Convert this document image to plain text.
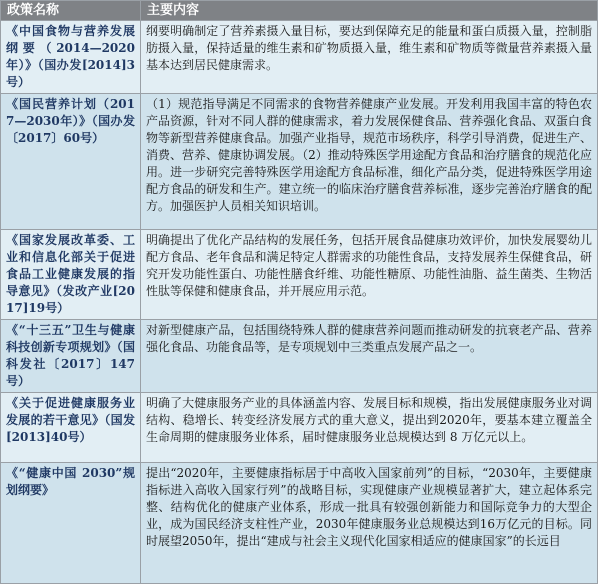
政策名称	主要内容

《中国食物与营养发展纲要（2014—2020年）》（国办发[2014]3号）	纲要明确制定了营养素摄入量目标，要达到保障充足的能量和蛋白质摄入量，控制脂肪摄入量，保持适量的维生素和矿物质摄入量，维生素和矿物质等微量营养素摄入量基本达到居民健康需求。

《国民营养计划（2017—2030年）》（国办发〔2017〕60号）	（1）规范指导满足不同需求的食物营养健康产业发展。开发利用我国丰富的特色农产品资源，针对不同人群的健康需求，着力发展保健食品、营养强化食品、双蛋白食物等新型营养健康食品。加强产业指导，规范市场秩序，科学引导消费，促进生产、消费、营养、健康协调发展。（2）推动特殊医学用途配方食品和治疗膳食的规范化应用。进一步研究完善特殊医学用途配方食品标准，细化产品分类，促进特殊医学用途配方食品的研发和生产。建立统一的临床治疗膳食营养标准，逐步完善治疗膳食的配方。加强医护人员相关知识培训。

《国家发展改革委、工业和信息化部关于促进食品工业健康发展的指导意见》（发改产业[2017]19号）	明确提出了优化产品结构的发展任务，包括开展食品健康功效评价，加快发展婴幼儿配方食品、老年食品和满足特定人群需求的功能性食品，支持发展养生保健食品，研究开发功能性蛋白、功能性膳食纤维、功能性糖原、功能性油脂、益生菌类、生物活性肽等保健和健康食品，并开展应用示范。

《“十三五”卫生与健康科技创新专项规划》（国科发社〔2017〕147号）	对新型健康产品，包括围绕特殊人群的健康营养问题而推动研发的抗衰老产品、营养强化食品、功能食品等，是专项规划中三类重点发展产品之一。

《关于促进健康服务业发展的若干意见》（国发[2013]40号）	明确了大健康服务产业的具体涵盖内容、发展目标和规模，指出发展健康服务业对调结构、稳增长、转变经济发展方式的重大意义，提出到2020年，要基本建立覆盖全生命周期的健康服务业体系，届时健康服务业总规模达到 8 万亿元以上。

《“健康中国 2030”规划纲要》	提出“2020年，主要健康指标居于中高收入国家前列”的目标，“2030年，主要健康指标进入高收入国家行列”的战略目标，实现健康产业规模显著扩大，建立起体系完整、结构优化的健康产业体系，形成一批具有较强创新能力和国际竞争力的大型企业，成为国民经济支柱性产业，2030年健康服务业总规模达到16万亿元的目标。同时展望2050年，提出“建成与社会主义现代化国家相适应的健康国家”的长远目
